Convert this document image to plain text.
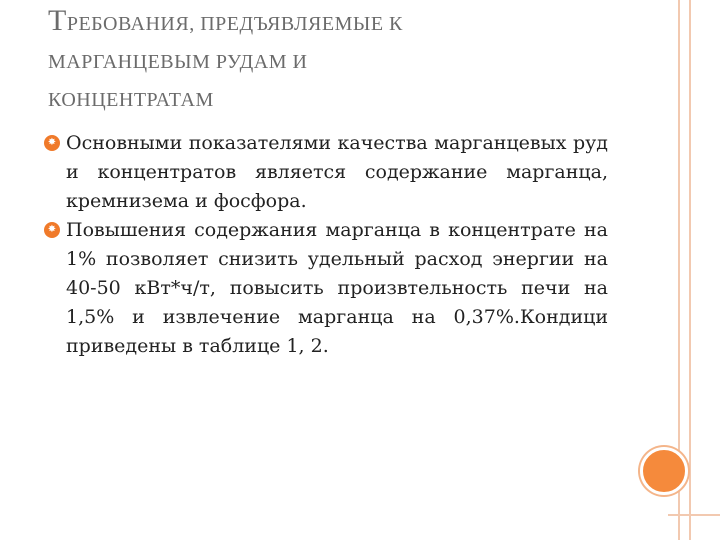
ТРЕБОВАНИЯ, ПРЕДЪЯВЛЯЕМЫЕ К
МАРГАНЦЕВЫМ РУДАМ И
КОНЦЕНТРАТАМ
✸ Основными показателями качества марганцевых руд и концентратов является содержание марганца, кремнизема и фосфора.
✸ Повышения содержания марганца в концентрате на 1% позволяет снизить удельный расход энергии на 40-50 кВт*ч/т, повысить произвтельность печи на 1,5% и извлечение марганца на 0,37%.Кондици приведены в таблице 1, 2.
